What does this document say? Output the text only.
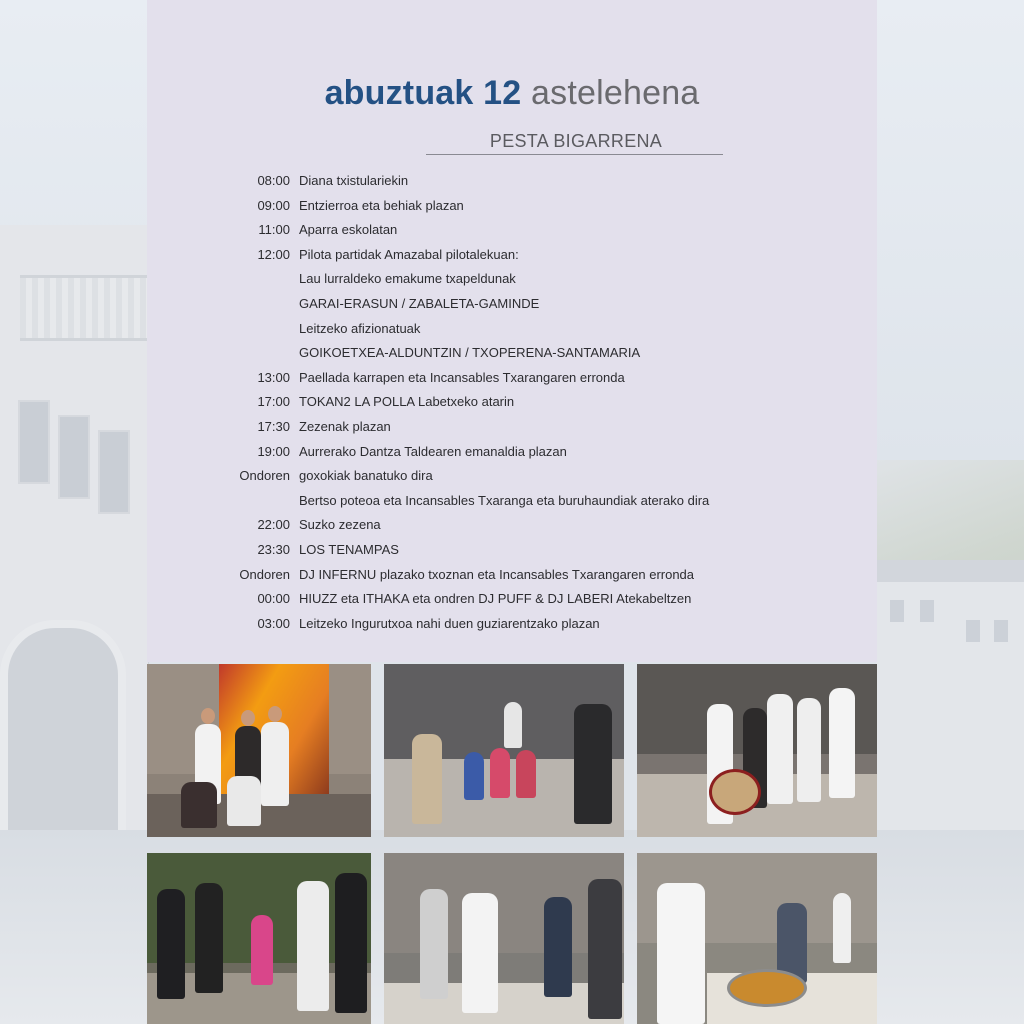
abuztuak 12 astelehena
PESTA BIGARRENA
08:00 Diana txistulariekin
09:00 Entzierroa eta behiak plazan
11:00 Aparra eskolatan
12:00 Pilota partidak Amazabal pilotalekuan:
Lau lurraldeko emakume txapeldunak
GARAI-ERASUN / ZABALETA-GAMINDE
Leitzeko afizionatuak
GOIKOETXEA-ALDUNTZIN / TXOPERENA-SANTAMARIA
13:00 Paellada karrapen eta Incansables Txarangaren erronda
17:00 TOKAN2 LA POLLA Labetxeko atarin
17:30 Zezenak plazan
19:00 Aurrerako Dantza Taldearen emanaldia plazan
Ondoren goxokiak banatuko dira
Bertso poteoa eta Incansables Txaranga eta buruhaundiak aterako dira
22:00 Suzko zezena
23:30 LOS TENAMPAS
Ondoren DJ INFERNU plazako txoznan eta Incansables Txarangaren erronda
00:00 HIUZZ eta ITHAKA eta ondren DJ PUFF & DJ LABERI Atekabeltzen
03:00 Leitzeko Ingurutxoa nahi duen guziarentzako plazan
